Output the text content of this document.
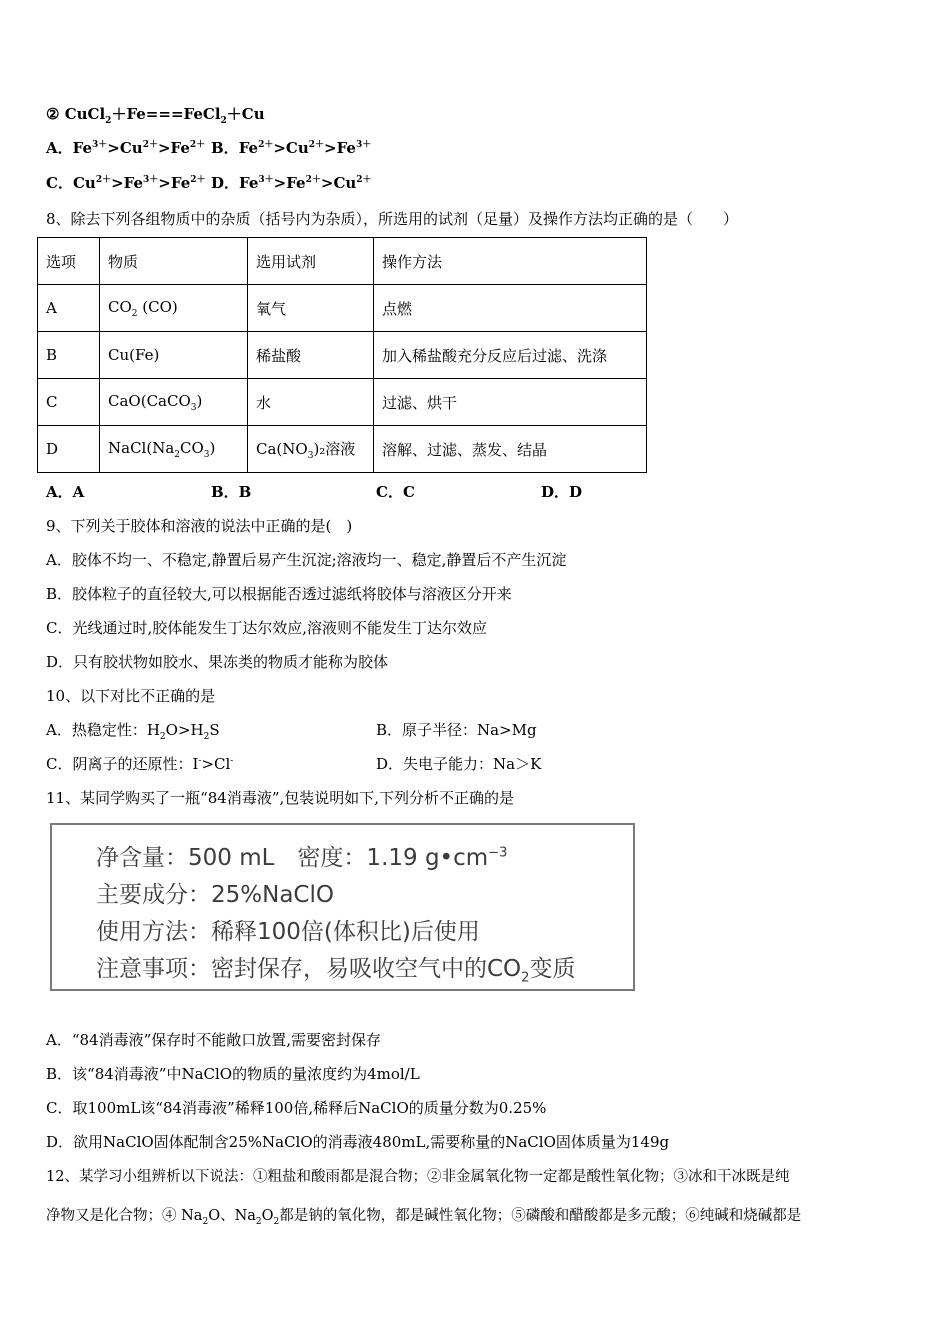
② CuCl$_2$＋Fe===FeCl$_2$＋Cu
A．$Fe^{3+}>Cu^{2+}>Fe^{2+}$ B．$Fe^{2+}>Cu^{2+}>Fe^{3+}$
C．$Cu^{2+}>Fe^{3+}>Fe^{2+}$ D．$Fe^{3+}>Fe^{2+}>Cu^{2+}$
8、除去下列各组物质中的杂质（括号内为杂质），所选用的试剂（足量）及操作方法均正确的是（　　）
选项	物质	选用试剂	操作方法
A	$CO_2$ (CO)	氧气	点燃
B	Cu(Fe)	稀盐酸	加入稀盐酸充分反应后过滤、洗涤
C	CaO(CaCO$_3$)	水	过滤、烘干
D	$NaCl(Na_2CO_3)$	$Ca(NO_3)_2$溶液	溶解、过滤、蒸发、结晶
A．A	B．B	C．C	D．D
9、下列关于胶体和溶液的说法中正确的是(　)
A．胶体不均一、不稳定,静置后易产生沉淀;溶液均一、稳定,静置后不产生沉淀
B．胶体粒子的直径较大,可以根据能否透过滤纸将胶体与溶液区分开来
C．光线通过时,胶体能发生丁达尔效应,溶液则不能发生丁达尔效应
D．只有胶状物如胶水、果冻类的物质才能称为胶体
10、以下对比不正确的是
A．热稳定性：$H_2O>H_2S$	B．原子半径：Na>Mg
C．阴离子的还原性：I->Cl-	D．失电子能力：Na＞K
11、某同学购买了一瓶“84消毒液”,包装说明如下,下列分析不正确的是
净含量：500 mL　密度：1.19 $g•cm^{-3}$
主要成分：25%NaClO
使用方法：稀释100倍(体积比)后使用
注意事项：密封保存，易吸收空气中的$CO_2$变质
A．“84消毒液”保存时不能敞口放置,需要密封保存
B．该“84消毒液”中NaClO的物质的量浓度约为4mol/L
C．取100mL该“84消毒液”稀释100倍,稀释后NaClO的质量分数为0.25%
D．欲用NaClO固体配制含25%NaClO的消毒液480mL,需要称量的NaClO固体质量为149g
12、某学习小组辨析以下说法：①粗盐和酸雨都是混合物；②非金属氧化物一定都是酸性氧化物；③冰和干冰既是纯
净物又是化合物；④ $Na_2O$、$Na_2O_2$都是钠的氧化物，都是碱性氧化物；⑤磷酸和醋酸都是多元酸；⑥纯碱和烧碱都是
